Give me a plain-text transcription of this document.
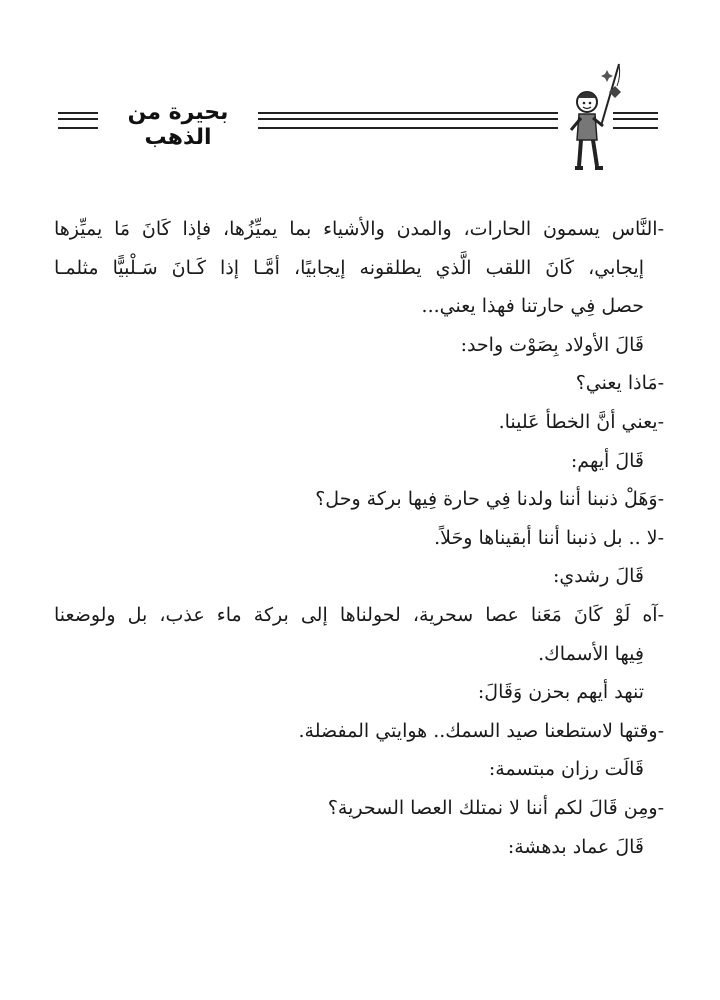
بحيرة من الذهب

-النَّاس يسمون الحارات، والمدن والأشياء بما يميِّزُها، فإذا كَانَ مَا يميِّزها

إيجابي، كَانَ اللقب الَّذي يطلقونه إيجابيًا، أمَّـا إذا كَـانَ سَـلْبيًّا مثلمـا

حصل فِي حارتنا فهذا يعني...

قَالَ الأولاد بِصَوْت واحد:

-مَاذا يعني؟

-يعني أنَّ الخطأ عَلينا.

قَالَ أيهم:

-وَهَلْ ذنبنا أننا ولدنا فِي حارة فِيها بركة وحل؟

-لا .. بل ذنبنا أننا أبقيناها وحَلاً.

قَالَ رشدي:

-آه لَوْ كَانَ مَعَنا عصا سحرية، لحولناها إلى بركة ماء عذب، بل ولوضعنا

فِيها الأسماك.

تنهد أيهم بحزن وَقَالَ:

-وقتها لاستطعنا صيد السمك.. هوايتي المفضلة.

قَالَت رزان مبتسمة:

-ومِن قَالَ لكم أننا لا نمتلك العصا السحرية؟

قَالَ عماد بدهشة:
